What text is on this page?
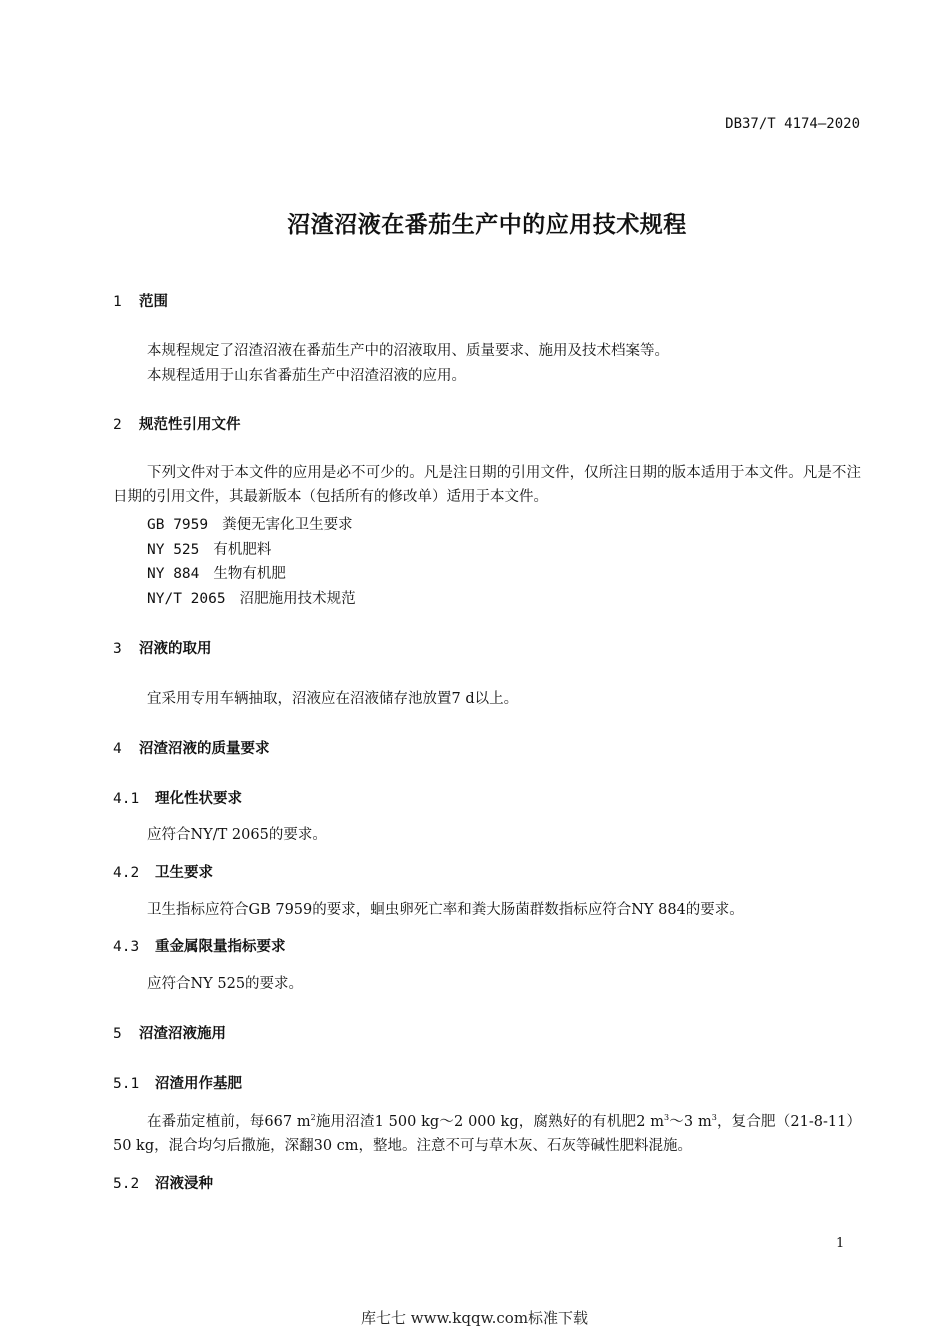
DB37/T 4174—2020
沼渣沼液在番茄生产中的应用技术规程
1 范围
本规程规定了沼渣沼液在番茄生产中的沼液取用、质量要求、施用及技术档案等。
本规程适用于山东省番茄生产中沼渣沼液的应用。
2 规范性引用文件
下列文件对于本文件的应用是必不可少的。凡是注日期的引用文件，仅所注日期的版本适用于本文件。凡是不注日期的引用文件，其最新版本（包括所有的修改单）适用于本文件。
GB 7959 粪便无害化卫生要求
NY 525 有机肥料
NY 884 生物有机肥
NY/T 2065 沼肥施用技术规范
3 沼液的取用
宜采用专用车辆抽取，沼液应在沼液储存池放置7 d以上。
4 沼渣沼液的质量要求
4.1 理化性状要求
应符合NY/T 2065的要求。
4.2 卫生要求
卫生指标应符合GB 7959的要求，蛔虫卵死亡率和粪大肠菌群数指标应符合NY 884的要求。
4.3 重金属限量指标要求
应符合NY 525的要求。
5 沼渣沼液施用
5.1 沼渣用作基肥
在番茄定植前，每667 $m^2$施用沼渣1 500 kg～2 000 kg，腐熟好的有机肥2 $m^3\sim 3$ $m^3$，复合肥（21-8-11）50 kg，混合均匀后撒施，深翻30 cm，整地。注意不可与草木灰、石灰等碱性肥料混施。
5.2 沼液浸种
1
库七七 www.kqqw.com标准下载
